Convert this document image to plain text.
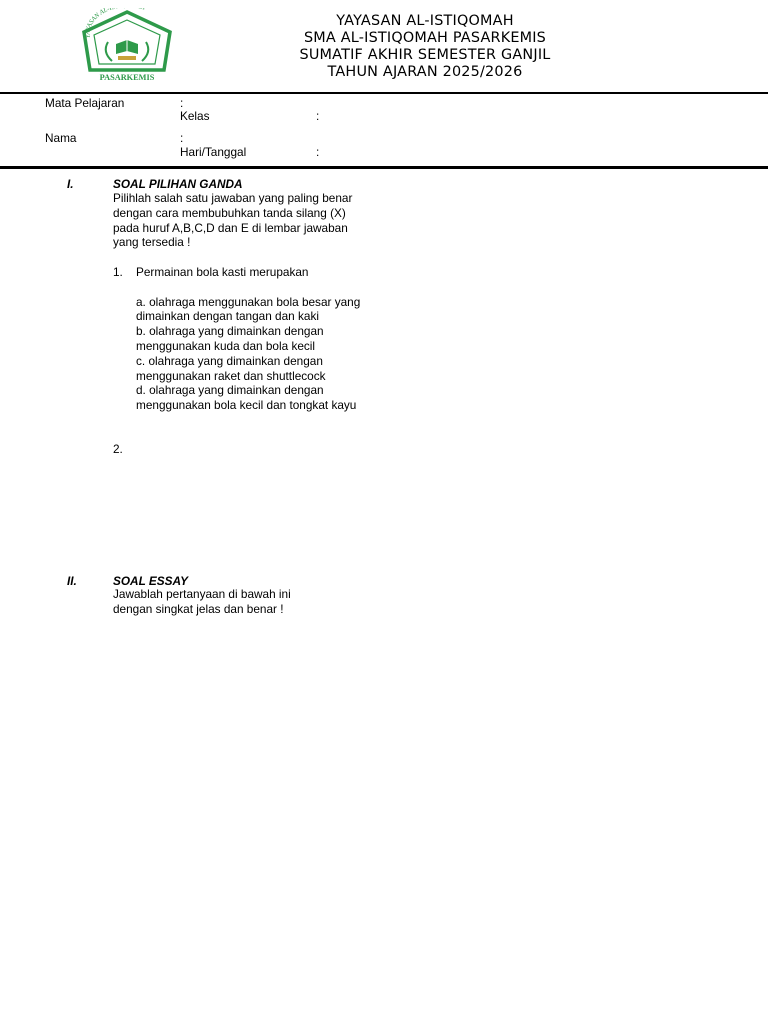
YAYASAN AL-I
PASARKEMIS
YAYASAN AL-ISTIQOMAH
SMA AL-ISTIQOMAH PASARKEMIS
SUMATIF AKHIR SEMESTER GANJIL
TAHUN AJARAN 2025/2026
Mata Pelajaran	:
Kelas	:
Nama	:
Hari/Tanggal	:
I.	SOAL PILIHAN GANDA
Pilihlah salah satu jawaban yang paling benar dengan cara membubuhkan tanda silang (X) pada huruf A,B,C,D dan E di lembar jawaban yang tersedia !
1. Permainan bola kasti merupakan
a. olahraga menggunakan bola besar yang dimainkan dengan tangan dan kaki
b. olahraga yang dimainkan dengan menggunakan kuda dan bola kecil
c. olahraga yang dimainkan dengan menggunakan raket dan shuttlecock
d. olahraga yang dimainkan dengan menggunakan bola kecil dan tongkat kayu
2.
II.	SOAL ESSAY
Jawablah pertanyaan di bawah ini dengan singkat jelas dan benar !
